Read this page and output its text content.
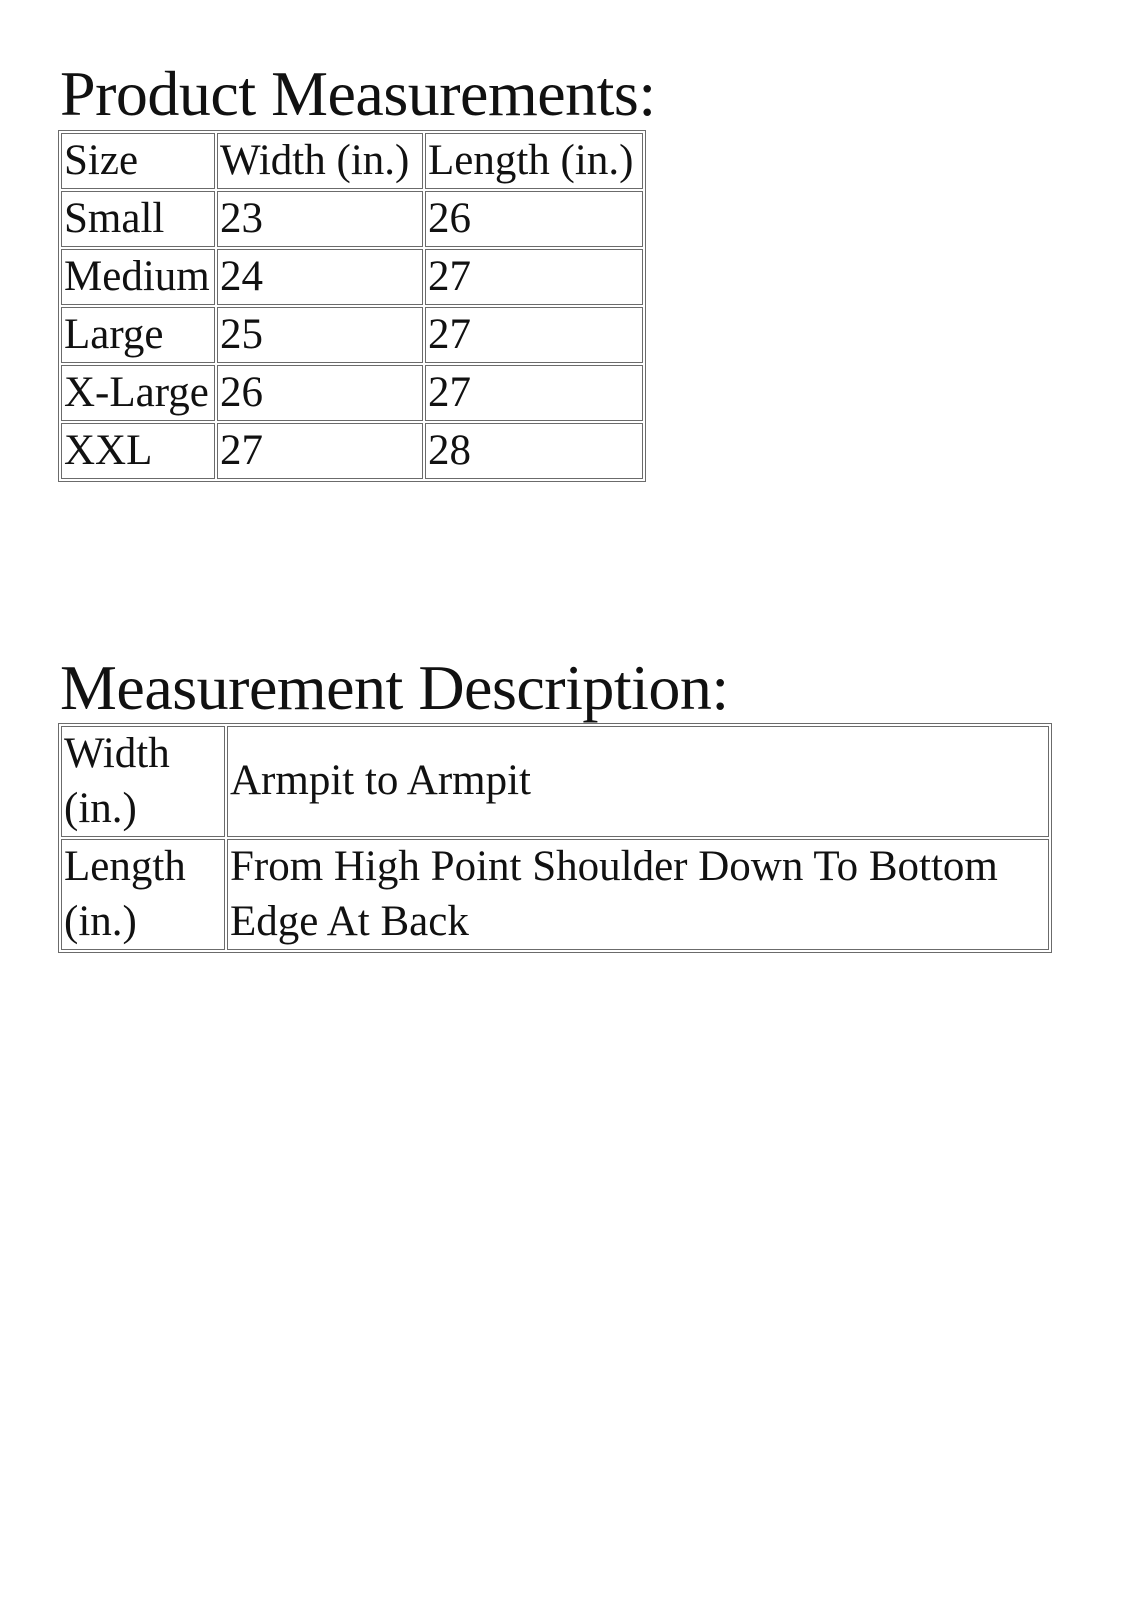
Product Measurements:
Size	Width (in.)	Length (in.)
Small	23	26
Medium	24	27
Large	25	27
X-Large	26	27
XXL	27	28
Measurement Description:
Width (in.)	Armpit to Armpit
Length (in.)	From High Point Shoulder Down To Bottom Edge At Back
